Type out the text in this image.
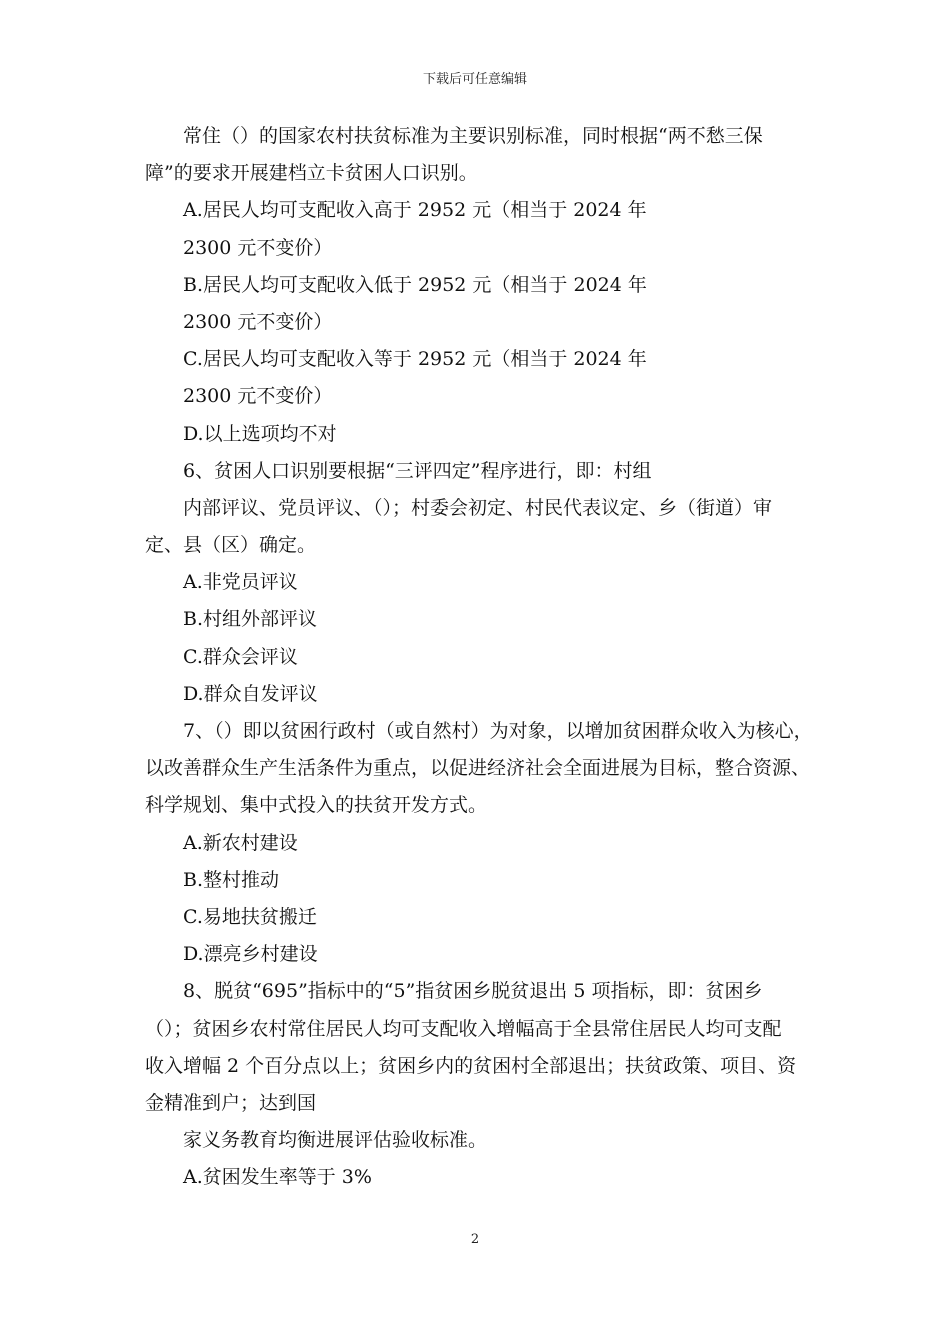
下载后可任意编辑
常住（）的国家农村扶贫标准为主要识别标准，同时根据“两不愁三保
障”的要求开展建档立卡贫困人口识别。
A.居民人均可支配收入高于 2952 元（相当于 2024 年
2300 元不变价）
B.居民人均可支配收入低于 2952 元（相当于 2024 年
2300 元不变价）
C.居民人均可支配收入等于 2952 元（相当于 2024 年
2300 元不变价）
D.以上选项均不对
6、贫困人口识别要根据“三评四定”程序进行，即：村组
内部评议、党员评议、（）；村委会初定、村民代表议定、乡（街道）审
定、县（区）确定。
A.非党员评议
B.村组外部评议
C.群众会评议
D.群众自发评议
7、（）即以贫困行政村（或自然村）为对象，以增加贫困群众收入为核心，
以改善群众生产生活条件为重点，以促进经济社会全面进展为目标，整合资源、
科学规划、集中式投入的扶贫开发方式。
A.新农村建设
B.整村推动
C.易地扶贫搬迁
D.漂亮乡村建设
8、脱贫“695”指标中的“5”指贫困乡脱贫退出 5 项指标，即：贫困乡
（）；贫困乡农村常住居民人均可支配收入增幅高于全县常住居民人均可支配
收入增幅 2 个百分点以上；贫困乡内的贫困村全部退出；扶贫政策、项目、资
金精准到户；达到国
家义务教育均衡进展评估验收标准。
A.贫困发生率等于 3%
2
